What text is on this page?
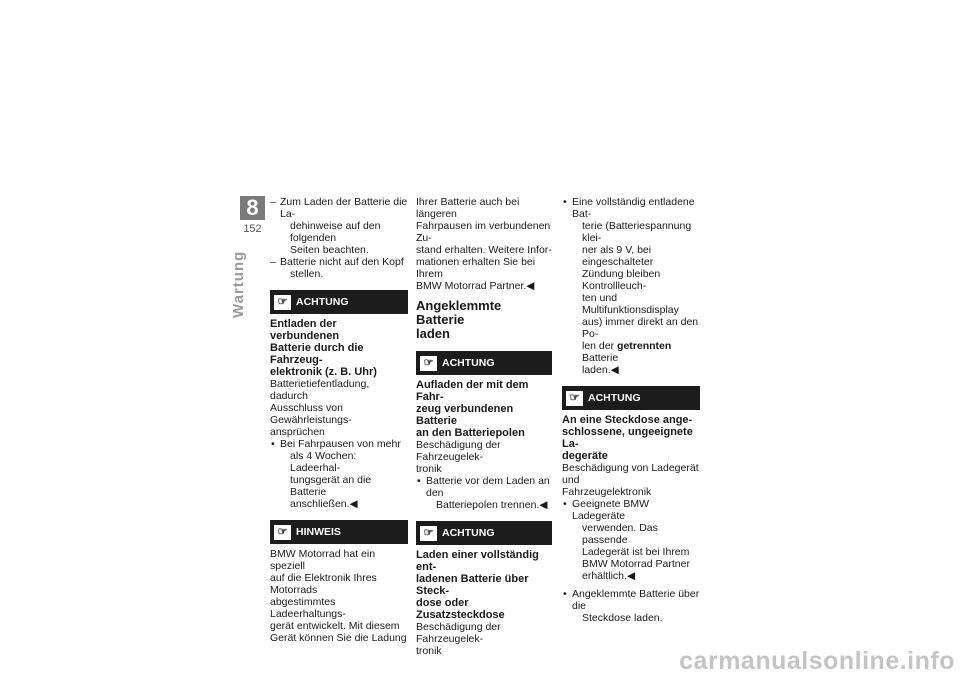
8
152
Wartung
– Zum Laden der Batterie die La-
dehinweise auf den folgenden
Seiten beachten.
– Batterie nicht auf den Kopf
stellen.
☞ ACHTUNG
Entladen der verbundenen
Batterie durch die Fahrzeug-
elektronik (z. B. Uhr)
Batterietiefentladung, dadurch
Ausschluss von Gewährleistungs-
ansprüchen
• Bei Fahrpausen von mehr
als 4 Wochen: Ladeerhal-
tungsgerät an die Batterie
anschließen.◀
☞ HINWEIS
BMW Motorrad hat ein speziell
auf die Elektronik Ihres Motorrads
abgestimmtes Ladeerhaltungs-
gerät entwickelt. Mit diesem
Gerät können Sie die Ladung
Ihrer Batterie auch bei längeren
Fahrpausen im verbundenen Zu-
stand erhalten. Weitere Infor-
mationen erhalten Sie bei Ihrem
BMW Motorrad Partner.◀
Angeklemmte Batterie
laden
☞ ACHTUNG
Aufladen der mit dem Fahr-
zeug verbundenen Batterie
an den Batteriepolen
Beschädigung der Fahrzeugelek-
tronik
• Batterie vor dem Laden an den
Batteriepolen trennen.◀
☞ ACHTUNG
Laden einer vollständig ent-
ladenen Batterie über Steck-
dose oder Zusatzsteckdose
Beschädigung der Fahrzeugelek-
tronik
• Eine vollständig entladene Bat-
terie (Batteriespannung klei-
ner als 9 V, bei eingeschalteter
Zündung bleiben Kontrollleuch-
ten und Multifunktionsdisplay
aus) immer direkt an den Po-
len der getrennten Batterie
laden.◀
☞ ACHTUNG
An eine Steckdose ange-
schlossene, ungeeignete La-
degeräte
Beschädigung von Ladegerät und
Fahrzeugelektronik
• Geeignete BMW Ladegeräte
verwenden. Das passende
Ladegerät ist bei Ihrem
BMW Motorrad Partner
erhältlich.◀
• Angeklemmte Batterie über die
Steckdose laden.
carmanualsonline.info
